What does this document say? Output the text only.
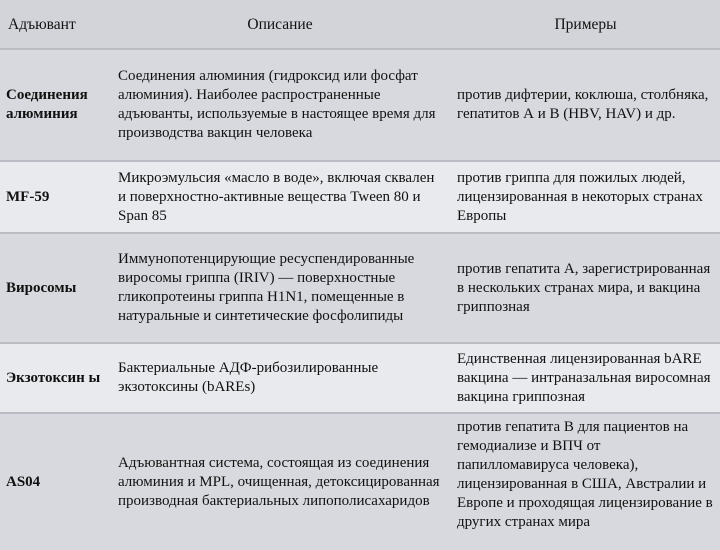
Адъювант	Описание	Примеры
Соединения алюминия
Соединения алюминия (гидроксид или фосфат алюминия). Наиболее распространенные адъюванты, используемые в настоящее время для производства вакцин человека
против дифтерии, коклюша, столбняка, гепатитов А и В (HBV, HAV) и др.
MF-59
Микроэмульсия «масло в воде», включая сквален и поверхностно-активные вещества Tween 80 и Span 85
против гриппа для пожилых людей, лицензированная в некоторых странах Европы
Виросомы
Иммунопотенцирующие ресуспендированные виросомы гриппа (IRIV) — поверхностные гликопротеины гриппа H1N1, помещенные в натуральные и синтетические фосфолипиды
против гепатита А, зарегистрированная в нескольких странах мира, и вакцина гриппозная
Экзотоксин ы
Бактериальные АДФ-рибозилированные экзотоксины (bAREs)
Единственная лицензированная bARE вакцина — интраназальная виросомная вакцина гриппозная
AS04
Адъювантная система, состоящая из соединения алюминия и MPL, очищенная, детоксицированная производная бактериальных липополисахаридов
против гепатита В для пациентов на гемодиализе и ВПЧ от папилломавируса человека), лицензированная в США, Австралии и Европе и проходящая лицензирование в других странах мира
